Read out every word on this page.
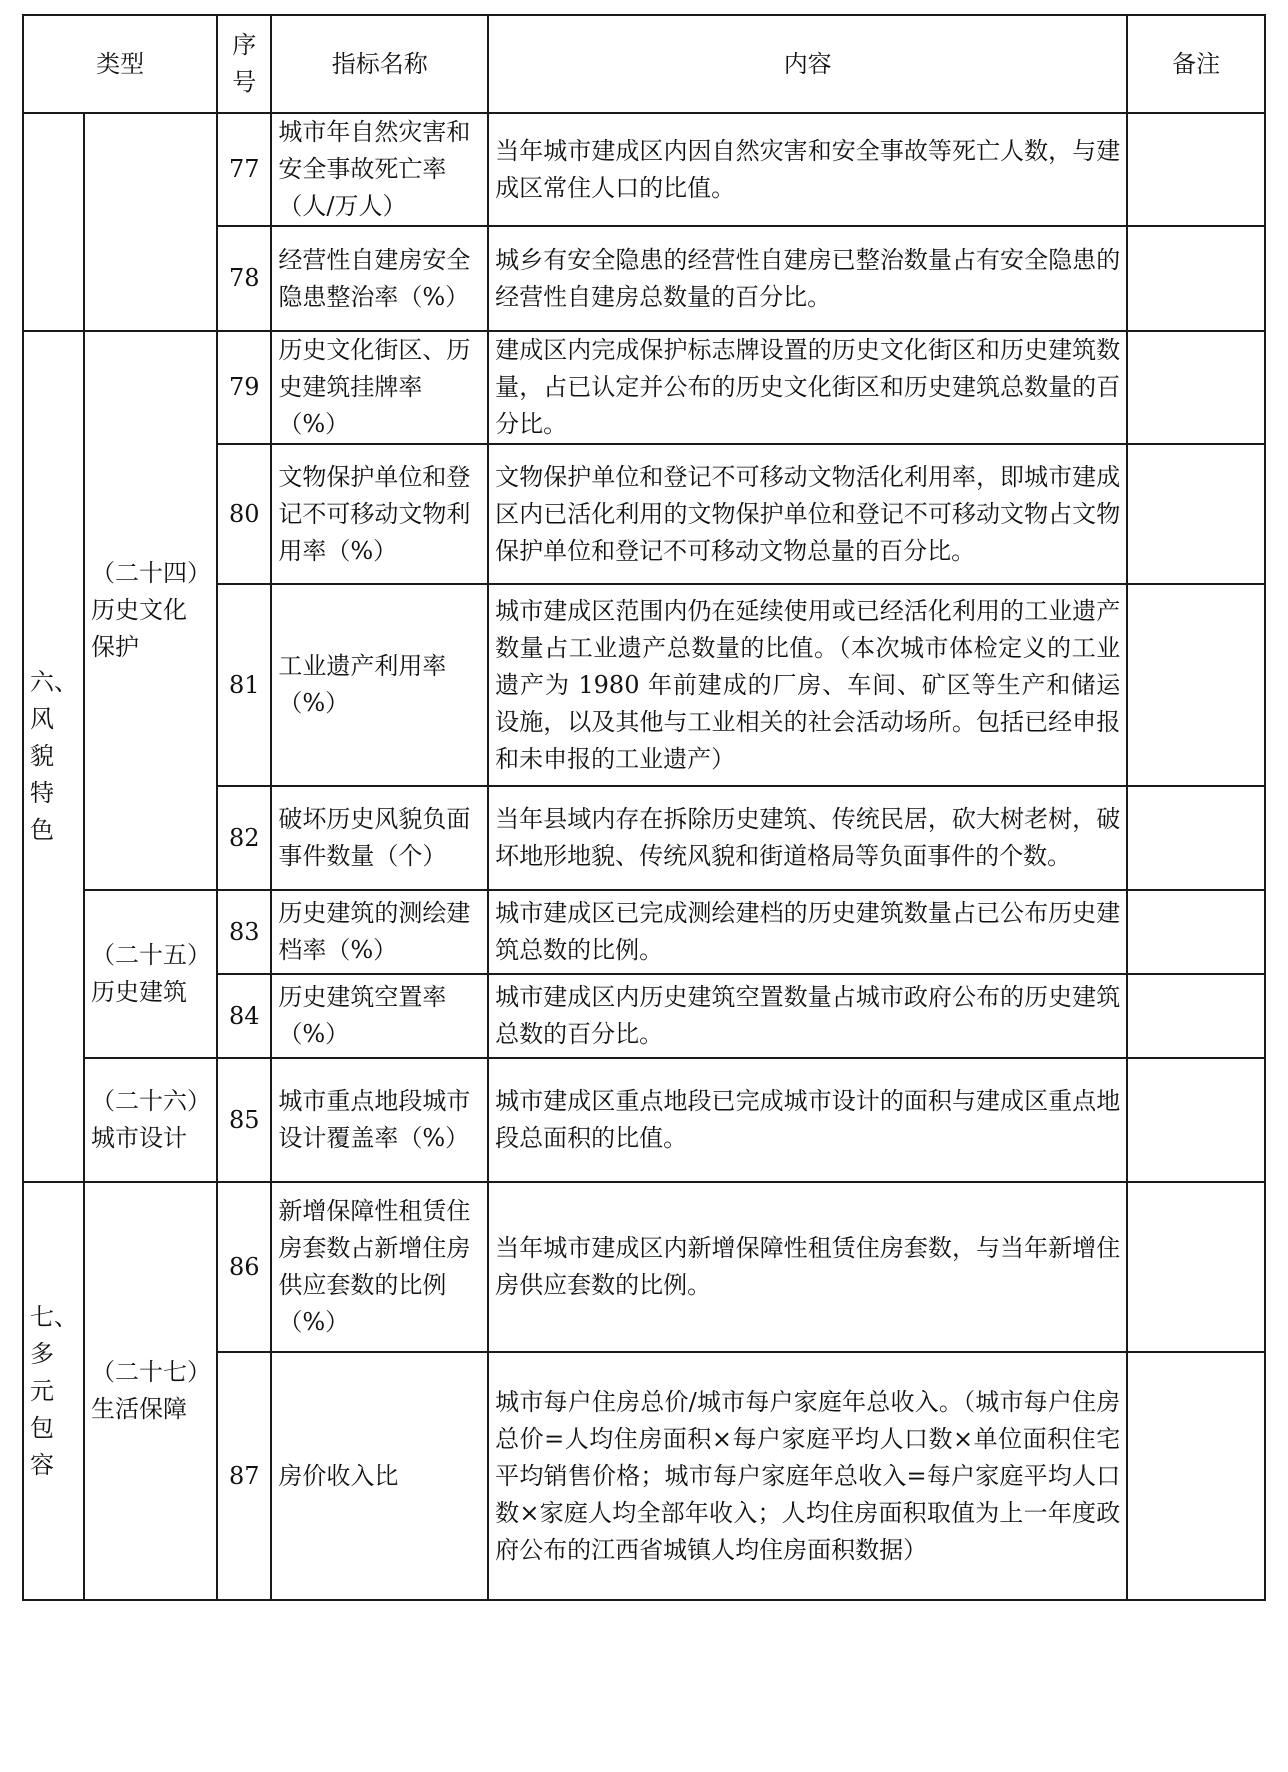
类型		序号	指标名称	内容	备注
		77	城市年自然灾害和安全事故死亡率（人/万人）	当年城市建成区内因自然灾害和安全事故等死亡人数，与建成区常住人口的比值。	
		78	经营性自建房安全隐患整治率（%）	城乡有安全隐患的经营性自建房已整治数量占有安全隐患的经营性自建房总数量的百分比。	
六、风貌特色	（二十四）历史文化保护	79	历史文化街区、历史建筑挂牌率（%）	建成区内完成保护标志牌设置的历史文化街区和历史建筑数量，占已认定并公布的历史文化街区和历史建筑总数量的百分比。	
		80	文物保护单位和登记不可移动文物利用率（%）	文物保护单位和登记不可移动文物活化利用率，即城市建成区内已活化利用的文物保护单位和登记不可移动文物占文物保护单位和登记不可移动文物总量的百分比。	
		81	工业遗产利用率（%）	城市建成区范围内仍在延续使用或已经活化利用的工业遗产数量占工业遗产总数量的比值。（本次城市体检定义的工业遗产为 1980 年前建成的厂房、车间、矿区等生产和储运设施，以及其他与工业相关的社会活动场所。包括已经申报和未申报的工业遗产）	
		82	破坏历史风貌负面事件数量（个）	当年县域内存在拆除历史建筑、传统民居，砍大树老树，破坏地形地貌、传统风貌和街道格局等负面事件的个数。	
	（二十五）历史建筑	83	历史建筑的测绘建档率（%）	城市建成区已完成测绘建档的历史建筑数量占已公布历史建筑总数的比例。	
		84	历史建筑空置率（%）	城市建成区内历史建筑空置数量占城市政府公布的历史建筑总数的百分比。	
	（二十六）城市设计	85	城市重点地段城市设计覆盖率（%）	城市建成区重点地段已完成城市设计的面积与建成区重点地段总面积的比值。	
七、多元包容	（二十七）生活保障	86	新增保障性租赁住房套数占新增住房供应套数的比例（%）	当年城市建成区内新增保障性租赁住房套数，与当年新增住房供应套数的比例。	
		87	房价收入比	城市每户住房总价/城市每户家庭年总收入。（城市每户住房总价=人均住房面积×每户家庭平均人口数×单位面积住宅平均销售价格；城市每户家庭年总收入=每户家庭平均人口数×家庭人均全部年收入；人均住房面积取值为上一年度政府公布的江西省城镇人均住房面积数据）	
